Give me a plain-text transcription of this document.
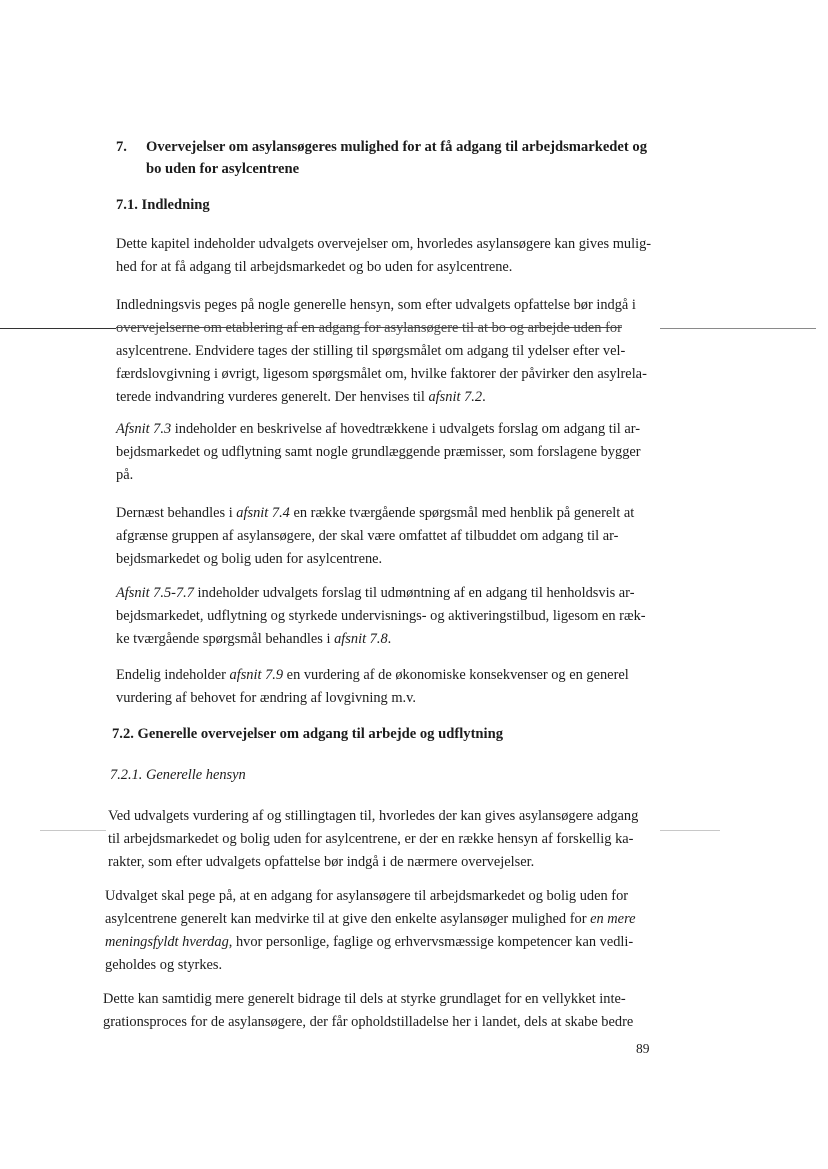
7. Overvejelser om asylansøgeres mulighed for at få adgang til arbejdsmarkedet og
bo uden for asylcentrene
7.1. Indledning
Dette kapitel indeholder udvalgets overvejelser om, hvorledes asylansøgere kan gives mulig-
hed for at få adgang til arbejdsmarkedet og bo uden for asylcentrene.
Indledningsvis peges på nogle generelle hensyn, som efter udvalgets opfattelse bør indgå i
asylcentrene. Endvidere tages der stilling til spørgsmålet om adgang til ydelser efter vel-
færdslovgivning i øvrigt, ligesom spørgsmålet om, hvilke faktorer der påvirker den asylrela-
terede indvandring vurderes generelt. Der henvises til afsnit 7.2.
overvejelserne om etablering af en adgang for asylansøgere til at bo og arbejde uden for
Afsnit 7.3 indeholder en beskrivelse af hovedtrækkene i udvalgets forslag om adgang til ar-
bejdsmarkedet og udflytning samt nogle grundlæggende præmisser, som forslagene bygger
på.
Dernæst behandles i afsnit 7.4 en række tværgående spørgsmål med henblik på generelt at
afgrænse gruppen af asylansøgere, der skal være omfattet af tilbuddet om adgang til ar-
bejdsmarkedet og bolig uden for asylcentrene.
Afsnit 7.5-7.7 indeholder udvalgets forslag til udmøntning af en adgang til henholdsvis ar-
bejdsmarkedet, udflytning og styrkede undervisnings- og aktiveringstilbud, ligesom en ræk-
ke tværgående spørgsmål behandles i afsnit 7.8.
Endelig indeholder afsnit 7.9 en vurdering af de økonomiske konsekvenser og en generel
vurdering af behovet for ændring af lovgivning m.v.
7.2. Generelle overvejelser om adgang til arbejde og udflytning
7.2.1. Generelle hensyn
Ved udvalgets vurdering af og stillingtagen til, hvorledes der kan gives asylansøgere adgang
til arbejdsmarkedet og bolig uden for asylcentrene, er der en række hensyn af forskellig ka-
rakter, som efter udvalgets opfattelse bør indgå i de nærmere overvejelser.
Udvalget skal pege på, at en adgang for asylansøgere til arbejdsmarkedet og bolig uden for
asylcentrene generelt kan medvirke til at give den enkelte asylansøger mulighed for en mere
meningsfyldt hverdag, hvor personlige, faglige og erhvervsmæssige kompetencer kan vedli-
geholdes og styrkes.
Dette kan samtidig mere generelt bidrage til dels at styrke grundlaget for en vellykket inte-
grationsproces for de asylansøgere, der får opholdstilladelse her i landet, dels at skabe bedre
89
